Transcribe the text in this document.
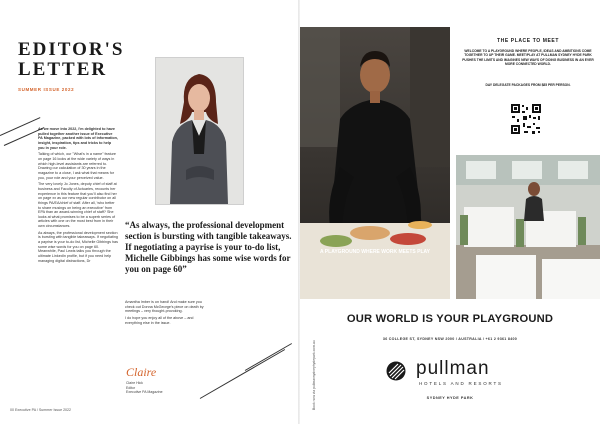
EDITOR'S
LETTER
SUMMER ISSUE 2022

As we move into 2022, I'm delighted to have pulled together another issue of Executive PA Magazine, packed with lots of information, insight, inspiration, tips and tricks to help you in your role.

Talking of which, our "What's in a name" feature on page 16 looks at the wide variety of ways in which high-level assistants are referred to. Drawing our calculation of 30 years in the magazine to a close, I ask what that means for you, your role and your perceived value.

The very lovely Jo Jones, deputy chief of staff at business and Faculty of Actuaries, recounts her experience in this feature that you'll also find her on page xx as our new regular contributor on all things PA/EA/chief of staff. After all, 'who better to share musings on being an executive' from EPA than an award-winning chief of staff? She looks at what promises to be a superb series of articles with one on the most best from in their own circumstances.

As always, the professional development section is bursting with tangible takeaways. If negotiating a payrise is your to-do list, Michelle Gibbings has some wise words for you on page 60. Meanwhile, Paul Lewis talks you through the ultimate LinkedIn profile, but if you need help managing digital distractions, Dr

“As always, the professional development section is bursting with tangible takeaways. If negotiating a payrise is your to-do list, Michelle Gibbings has some wise words for you on page 60”

Amantha Imber is on hand! And make sure you check out Donna McGeorge's piece on death by meetings – very thought-provoking.

I do hope you enjoy all of the above – and everything else in the issue.

Claire
Claire Hick
Editor
Executive PA Magazine
00 Executive PA / Summer Issue 2022
A PLAYGROUND WHERE WORK MEETS PLAY
THE PLACE TO MEET
WELCOME TO A PLAYGROUND WHERE PEOPLE, IDEAS AND AMBITIONS COME TOGETHER TO UP THEIR GAME. MEET/PLAY AT PULLMAN SYDNEY HYDE PARK PUSHES THE LIMITS AND IMAGINES NEW WAYS OF DOING BUSINESS IN AN EVER MORE CONNECTED WORLD.
DAY DELEGATE PACKAGES FROM $85 PER PERSON.
OUR WORLD IS YOUR PLAYGROUND
36 COLLEGE ST, SYDNEY NSW 2000 / AUSTRALIA / +61 2 9361 8400
pullman
HOTELS AND RESORTS
SYDNEY HYDE PARK
Book now via pullmansydneyhydepark.com.au
